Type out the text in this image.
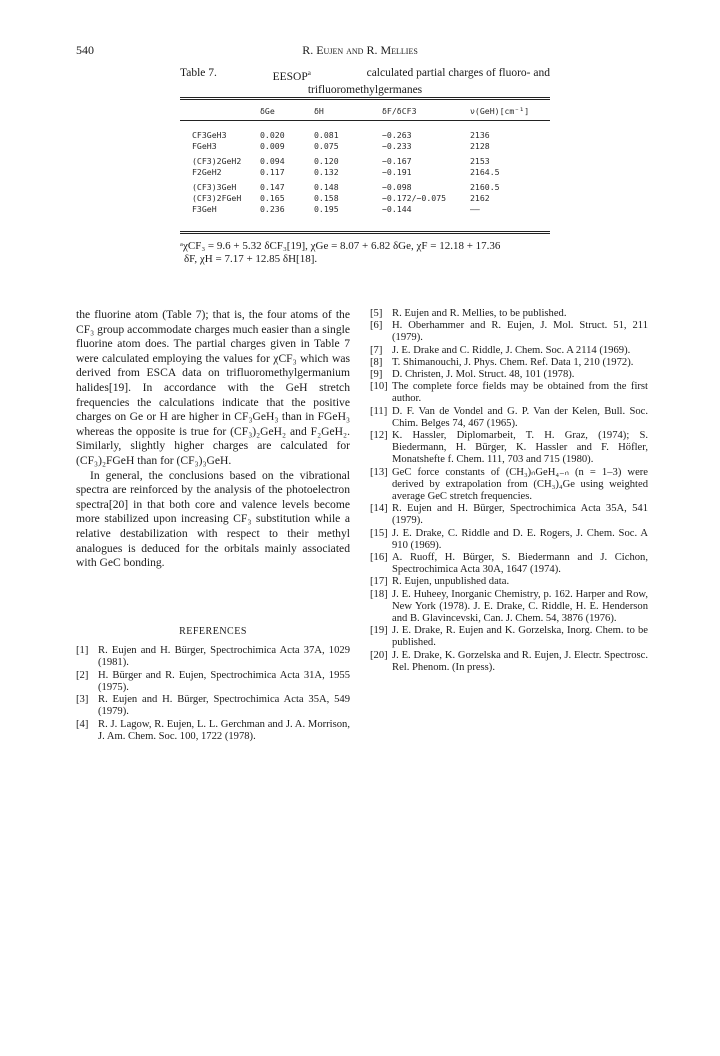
540	R. Eujen and R. Mellies
Table 7.	EESOP$^a$	calculated partial charges of fluoro- and
trifluoromethylgermanes
δGe	δH	δF/δCF3	ν(GeH)[cm⁻¹]
CF3GeH3	0.020	0.081	−0.263	2136
FGeH3	0.009	0.075	−0.233	2128
(CF3)2GeH2 0.094	0.120	−0.167	2153
F2GeH2	0.117	0.132	−0.191	2164.5
(CF3)3GeH	0.147	0.148	−0.098	2160.5
(CF3)2FGeH 0.165	0.158	−0.172/−0.075	2162
F3GeH	0.236	0.195	−0.144	––
ᵃχCF₃ = 9.6 + 5.32 δCF₃[19], χGe = 8.07 + 6.82 δGe, χF = 12.18 + 17.36
δF, χH = 7.17 + 12.85 δH[18].

the fluorine atom (Table 7); that is, the four atoms of the CF₃ group accommodate charges much easier than a single fluorine atom does. The partial charges given in Table 7 were calculated employing the values for χCF₃ which was derived from ESCA data on trifluoromethylgermanium halides[19]. In accordance with the GeH stretch frequencies the calculations indicate that the positive charges on Ge or H are higher in CF₃GeH₃ than in FGeH₃ whereas the opposite is true for (CF₃)₂GeH₂ and F₂GeH₂. Similarly, slightly higher charges are calculated for (CF₃)₂FGeH than for (CF₃)₃GeH.

In general, the conclusions based on the vibrational spectra are reinforced by the analysis of the photoelectron spectra[20] in that both core and valence levels become more stabilized upon increasing CF₃ substitution while a relative destabilization with respect to their methyl analogues is deduced for the orbitals mainly associated with GeC bonding.

REFERENCES
[1] R. Eujen and H. Bürger, Spectrochimica Acta 37A, 1029 (1981).
[2] H. Bürger and R. Eujen, Spectrochimica Acta 31A, 1955 (1975).
[3] R. Eujen and H. Bürger, Spectrochimica Acta 35A, 549 (1979).
[4] R. J. Lagow, R. Eujen, L. L. Gerchman and J. A. Morrison, J. Am. Chem. Soc. 100, 1722 (1978).
[5] R. Eujen and R. Mellies, to be published.
[6] H. Oberhammer and R. Eujen, J. Mol. Struct. 51, 211 (1979).
[7] J. E. Drake and C. Riddle, J. Chem. Soc. A 2114 (1969).
[8] T. Shimanouchi, J. Phys. Chem. Ref. Data 1, 210 (1972).
[9] D. Christen, J. Mol. Struct. 48, 101 (1978).
[10] The complete force fields may be obtained from the first author.
[11] D. F. Van de Vondel and G. P. Van der Kelen, Bull. Soc. Chim. Belges 74, 467 (1965).
[12] K. Hassler, Diplomarbeit, T. H. Graz, (1974); S. Biedermann, H. Bürger, K. Hassler and F. Höfler, Monatshefte f. Chem. 111, 703 and 715 (1980).
[13] GeC force constants of (CH₃)ₙGeH₄₋ₙ (n = 1–3) were derived by extrapolation from (CH₃)₄Ge using weighted average GeC stretch frequencies.
[14] R. Eujen and H. Bürger, Spectrochimica Acta 35A, 541 (1979).
[15] J. E. Drake, C. Riddle and D. E. Rogers, J. Chem. Soc. A 910 (1969).
[16] A. Ruoff, H. Bürger, S. Biedermann and J. Cichon, Spectrochimica Acta 30A, 1647 (1974).
[17] R. Eujen, unpublished data.
[18] J. E. Huheey, Inorganic Chemistry, p. 162. Harper and Row, New York (1978). J. E. Drake, C. Riddle, H. E. Henderson and B. Glavincevski, Can. J. Chem. 54, 3876 (1976).
[19] J. E. Drake, R. Eujen and K. Gorzelska, Inorg. Chem. to be published.
[20] J. E. Drake, K. Gorzelska and R. Eujen, J. Electr. Spectrosc. Rel. Phenom. (In press).
